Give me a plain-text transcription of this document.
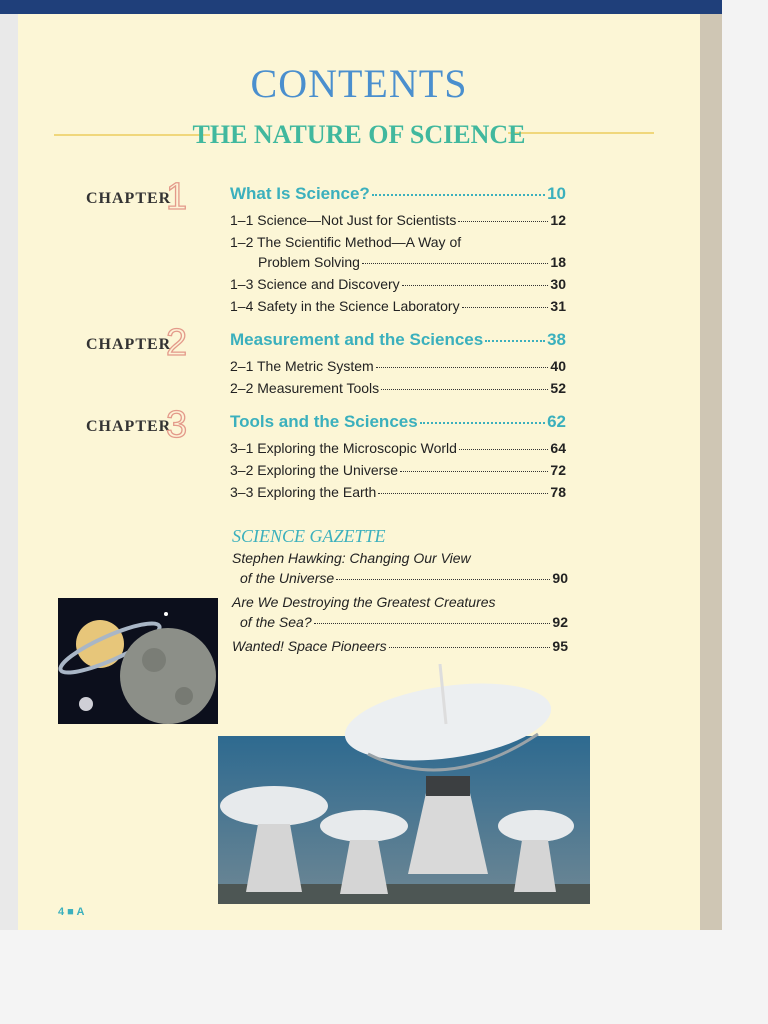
CONTENTS
THE NATURE OF SCIENCE
CHAPTER
1 What Is Science?	10
1–1 Science—Not Just for Scientists	12
1–2 The Scientific Method—A Way of
Problem Solving	18
1–3 Science and Discovery	30
1–4 Safety in the Science Laboratory	31
CHAPTER
2 Measurement and the Sciences	38
2–1 The Metric System	40
2–2 Measurement Tools	52
CHAPTER
3 Tools and the Sciences	62
3–1 Exploring the Microscopic World	64
3–2 Exploring the Universe	72
3–3 Exploring the Earth	78
SCIENCE GAZETTE
Stephen Hawking: Changing Our View
of the Universe	90
Are We Destroying the Greatest Creatures
of the Sea?	92
Wanted! Space Pioneers	95
4 ■ A
